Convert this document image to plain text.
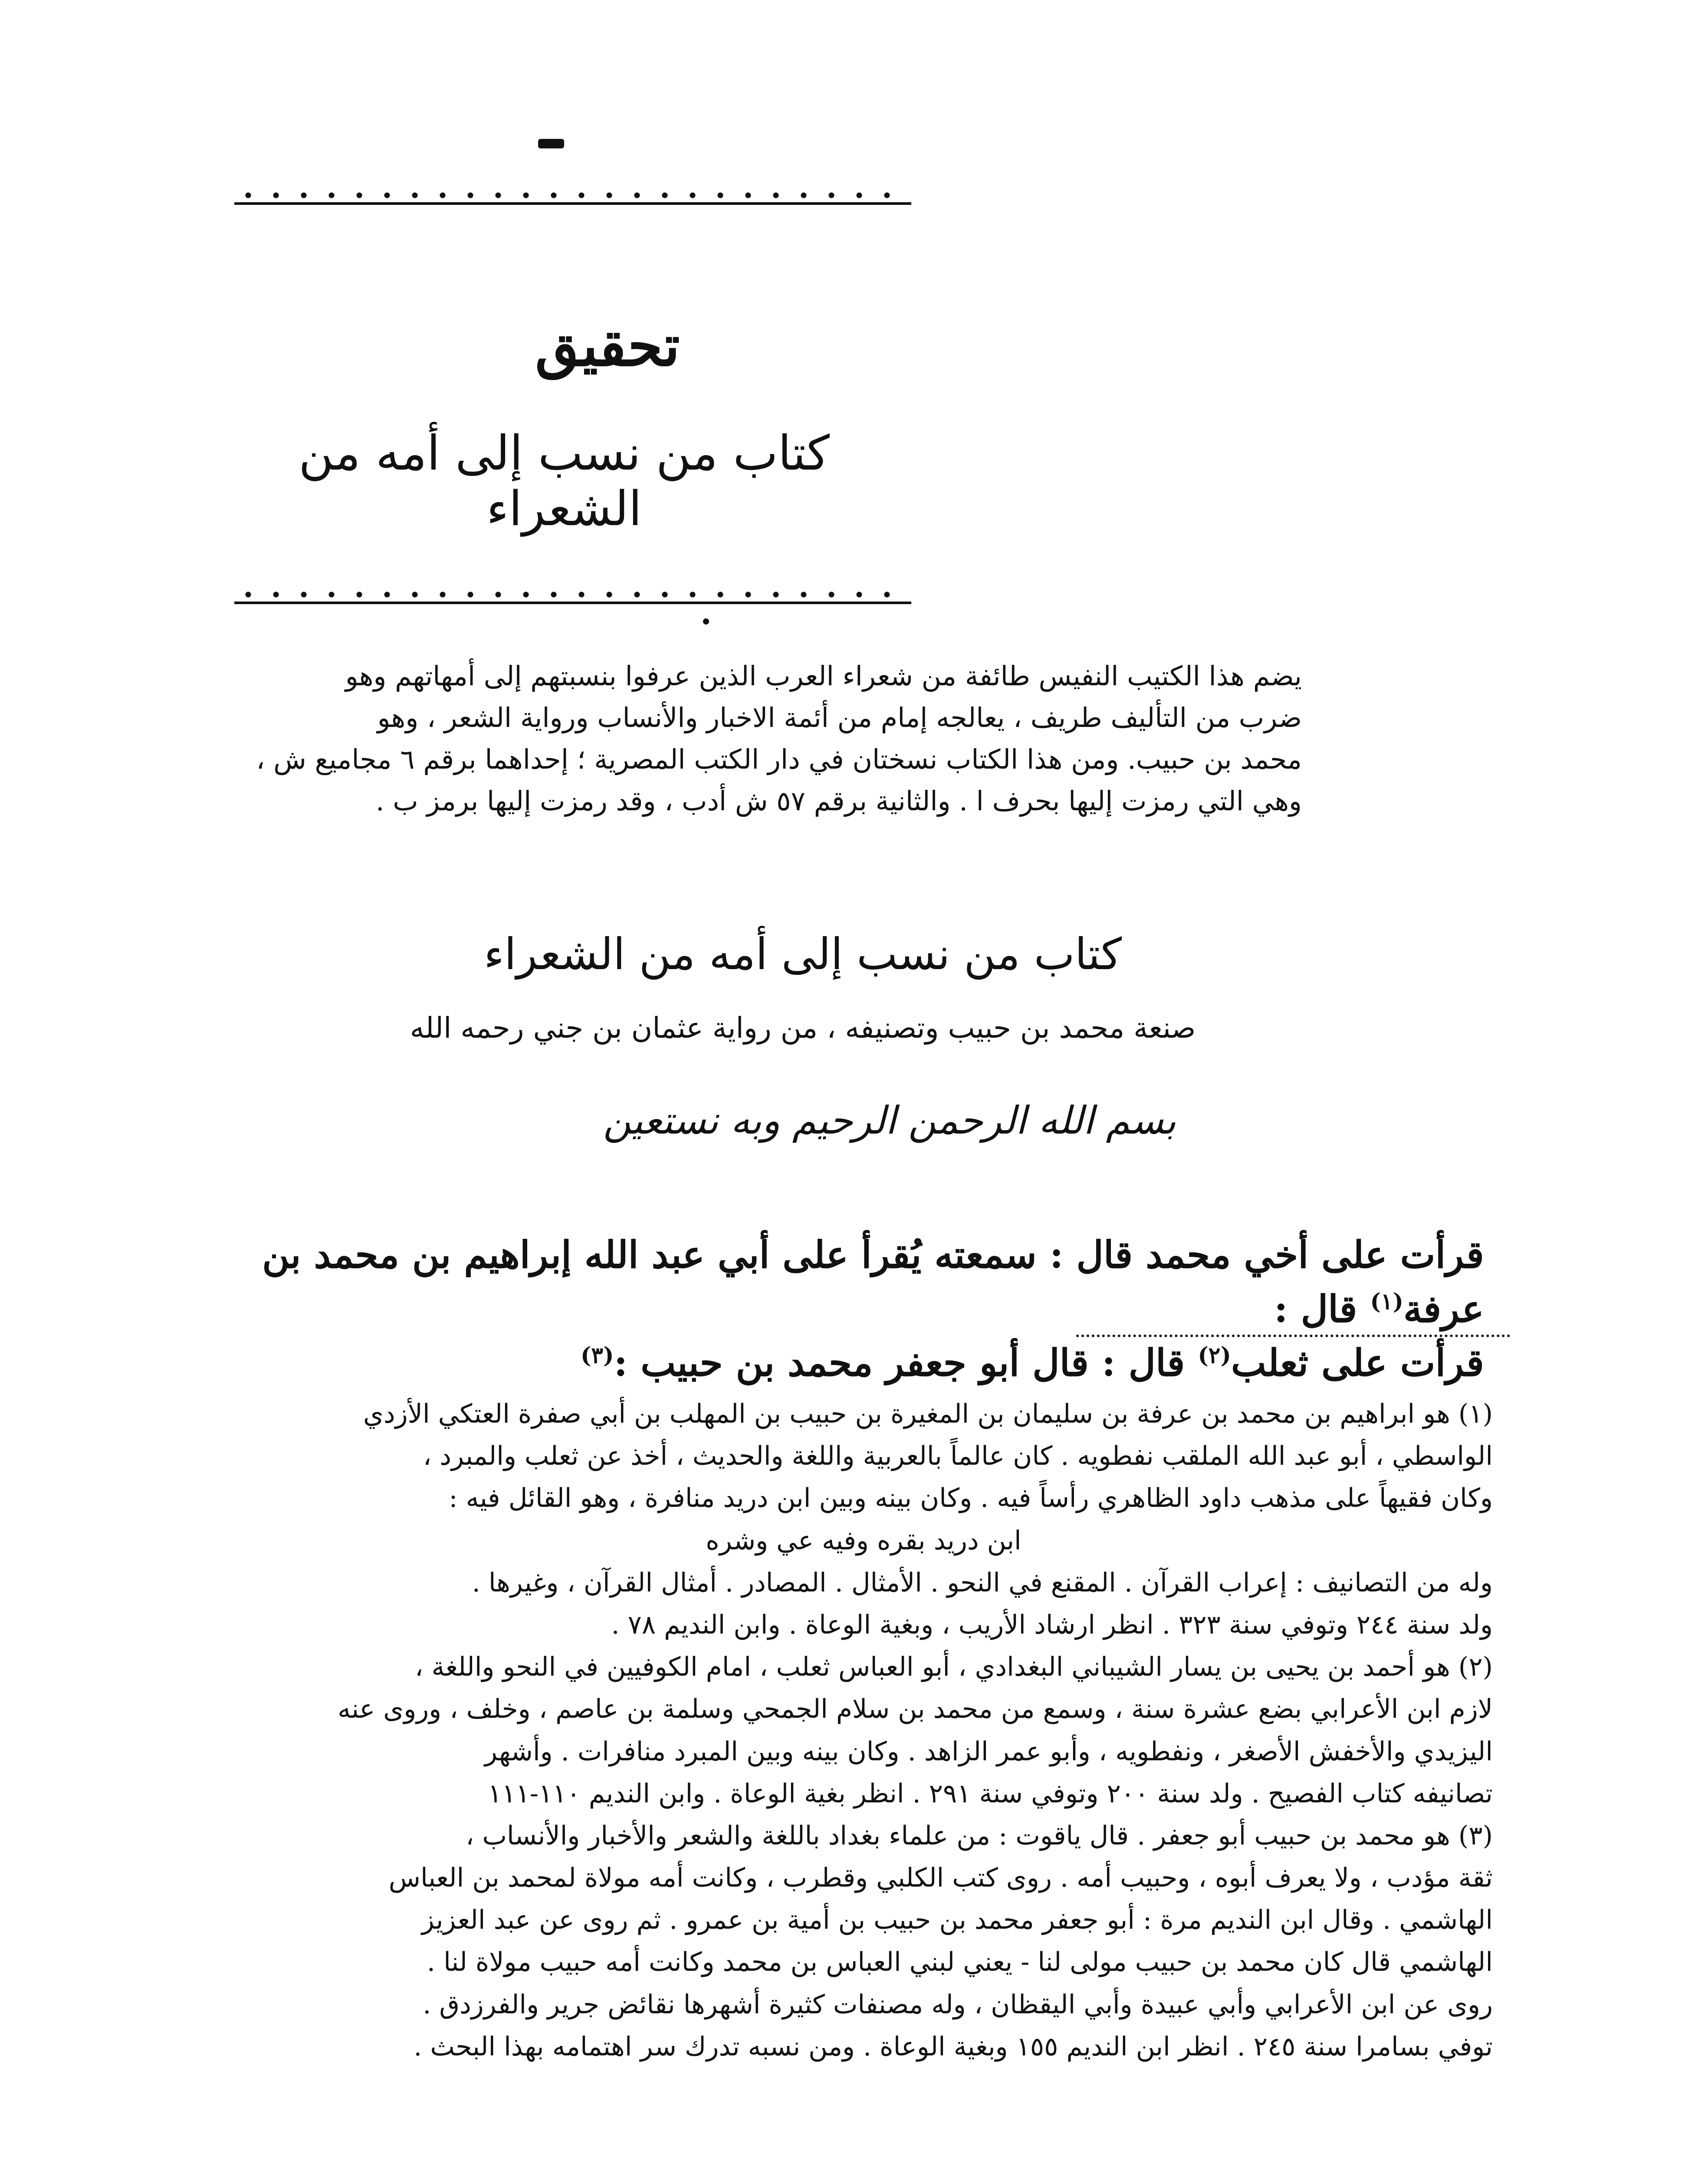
تحقيق
كتاب من نسب إلى أمه من الشعراء

يضم هذا الكتيب النفيس طائفة من شعراء العرب الذين عرفوا بنسبتهم إلى أمهاتهم وهو

ضرب من التأليف طريف ، يعالجه إمام من أئمة الاخبار والأنساب ورواية الشعر ، وهو

محمد بن حبيب. ومن هذا الكتاب نسختان في دار الكتب المصرية ؛ إحداهما برقم ٦ مجاميع ش ،

وهي التي رمزت إليها بحرف ا . والثانية برقم ٥٧ ش أدب ، وقد رمزت إليها برمز ب .

كتاب من نسب إلى أمه من الشعراء
صنعة محمد بن حبيب وتصنيفه ، من رواية عثمان بن جني رحمه الله
بسم الله الرحمن الرحيم وبه نستعين

قرأت على أخي محمد قال : سمعته يُقرأ على أبي عبد الله إبراهيم بن محمد بن عرفة$^{(١)}$ قال :

قرأت على ثعلب$^{(٢)}$ قال : قال أبو جعفر محمد بن حبيب :$^{(٣)}$

(١) هو ابراهيم بن محمد بن عرفة بن سليمان بن المغيرة بن حبيب بن المهلب بن أبي صفرة العتكي الأزدي

الواسطي ، أبو عبد الله الملقب نفطويه . كان عالماً بالعربية واللغة والحديث ، أخذ عن ثعلب والمبرد ،

وكان فقيهاً على مذهب داود الظاهري رأساً فيه . وكان بينه وبين ابن دريد منافرة ، وهو القائل فيه :

ابن دريد بقره وفيه عي وشره

وله من التصانيف : إعراب القرآن . المقنع في النحو . الأمثال . المصادر . أمثال القرآن ، وغيرها .

ولد سنة ٢٤٤ وتوفي سنة ٣٢٣ . انظر ارشاد الأريب ، وبغية الوعاة . وابن النديم ٧٨ .

(٢) هو أحمد بن يحيى بن يسار الشيباني البغدادي ، أبو العباس ثعلب ، امام الكوفيين في النحو واللغة ،

لازم ابن الأعرابي بضع عشرة سنة ، وسمع من محمد بن سلام الجمحي وسلمة بن عاصم ، وخلف ، وروى عنه

اليزيدي والأخفش الأصغر ، ونفطويه ، وأبو عمر الزاهد . وكان بينه وبين المبرد منافرات . وأشهر

تصانيفه كتاب الفصيح . ولد سنة ٢٠٠ وتوفي سنة ٢٩١ . انظر بغية الوعاة . وابن النديم ١١٠-١١١

(٣) هو محمد بن حبيب أبو جعفر . قال ياقوت : من علماء بغداد باللغة والشعر والأخبار والأنساب ،

ثقة مؤدب ، ولا يعرف أبوه ، وحبيب أمه . روى كتب الكلبي وقطرب ، وكانت أمه مولاة لمحمد بن العباس

الهاشمي . وقال ابن النديم مرة : أبو جعفر محمد بن حبيب بن أمية بن عمرو . ثم روى عن عبد العزيز

الهاشمي قال كان محمد بن حبيب مولى لنا - يعني لبني العباس بن محمد وكانت أمه حبيب مولاة لنا .

روى عن ابن الأعرابي وأبي عبيدة وأبي اليقظان ، وله مصنفات كثيرة أشهرها نقائض جرير والفرزدق .

توفي بسامرا سنة ٢٤٥ . انظر ابن النديم ١٥٥ وبغية الوعاة . ومن نسبه تدرك سر اهتمامه بهذا البحث .
